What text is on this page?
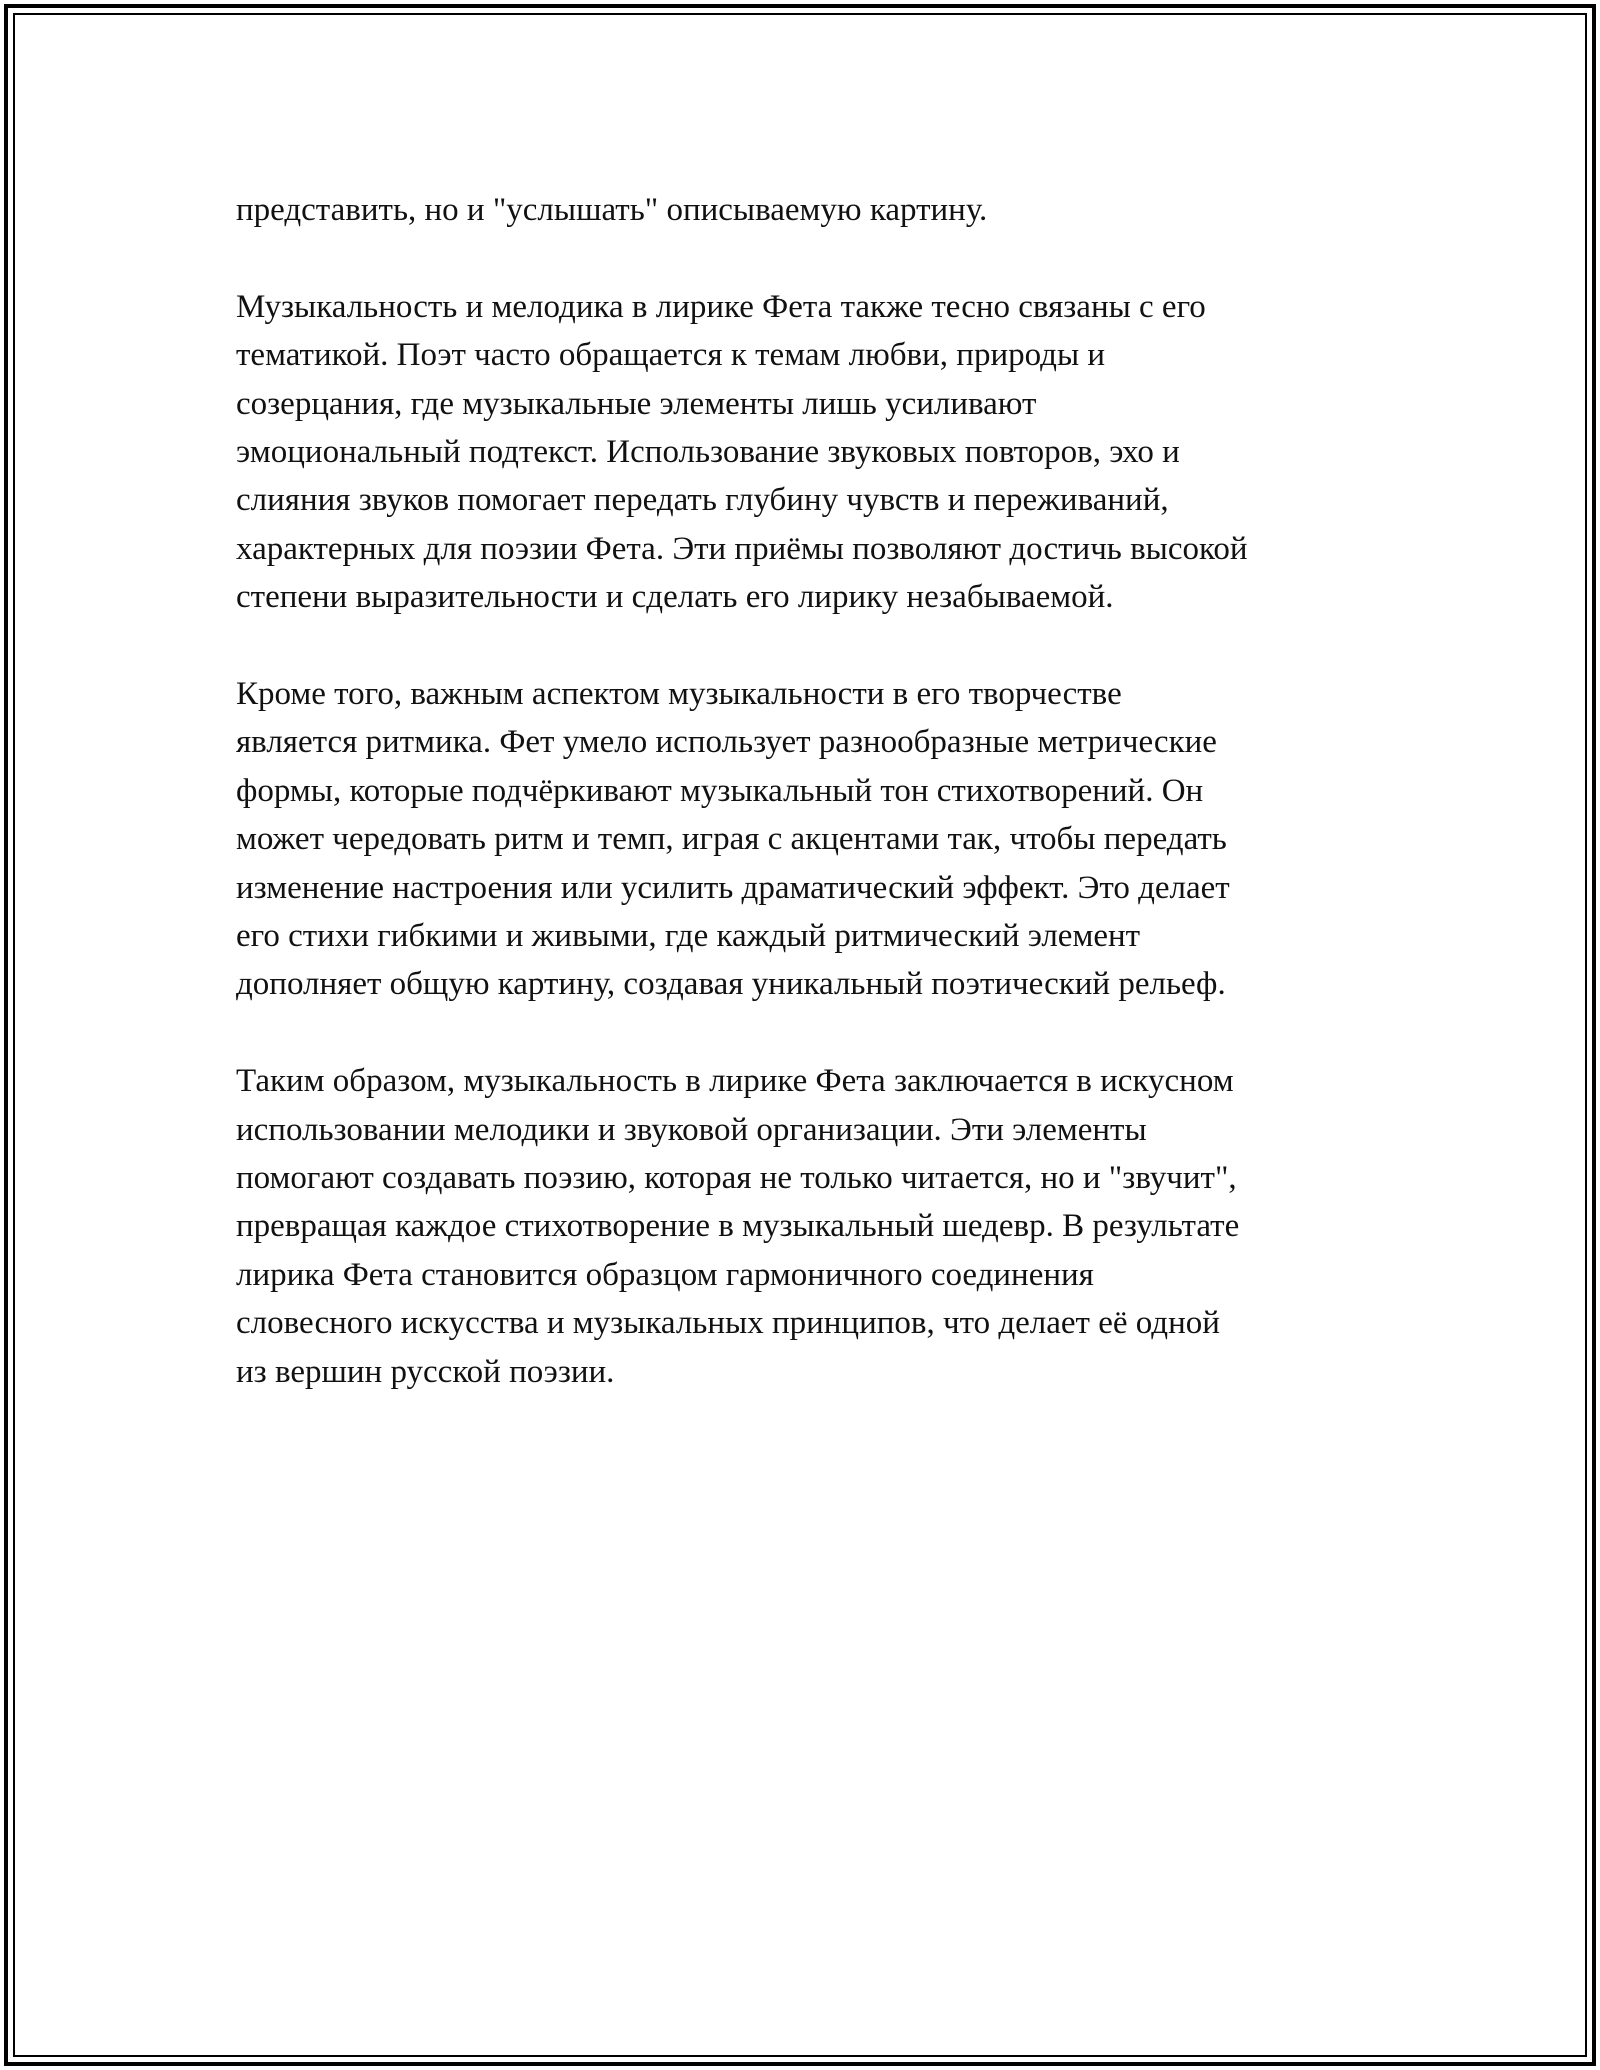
представить, но и "услышать" описываемую картину.

Музыкальность и мелодика в лирике Фета также тесно связаны с его
тематикой. Поэт часто обращается к темам любви, природы и
созерцания, где музыкальные элементы лишь усиливают
эмоциональный подтекст. Использование звуковых повторов, эхо и
слияния звуков помогает передать глубину чувств и переживаний,
характерных для поэзии Фета. Эти приёмы позволяют достичь высокой
степени выразительности и сделать его лирику незабываемой.

Кроме того, важным аспектом музыкальности в его творчестве
является ритмика. Фет умело использует разнообразные метрические
формы, которые подчёркивают музыкальный тон стихотворений. Он
может чередовать ритм и темп, играя с акцентами так, чтобы передать
изменение настроения или усилить драматический эффект. Это делает
его стихи гибкими и живыми, где каждый ритмический элемент
дополняет общую картину, создавая уникальный поэтический рельеф.

Таким образом, музыкальность в лирике Фета заключается в искусном
использовании мелодики и звуковой организации. Эти элементы
помогают создавать поэзию, которая не только читается, но и "звучит",
превращая каждое стихотворение в музыкальный шедевр. В результате
лирика Фета становится образцом гармоничного соединения
словесного искусства и музыкальных принципов, что делает её одной
из вершин русской поэзии.
